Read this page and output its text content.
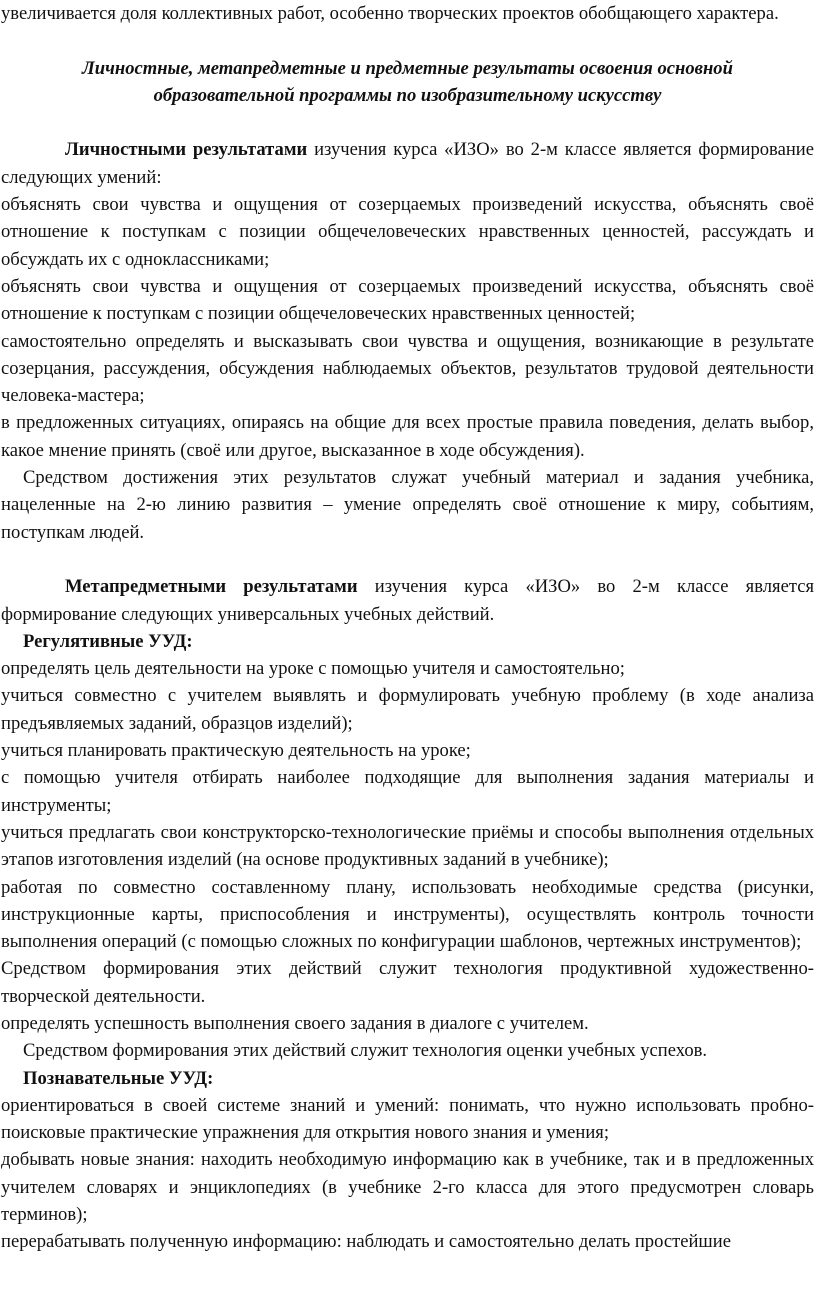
увеличивается доля коллективных работ, особенно творческих проектов обобщающего характера.

Личностные, метапредметные и предметные результаты освоения основной

образовательной программы по изобразительному искусству

Личностными результатами изучения курса «ИЗО» во 2-м классе является формирование следующих умений:

объяснять свои чувства и ощущения от созерцаемых произведений искусства, объяснять своё отношение к поступкам с позиции общечеловеческих нравственных ценностей, рассуждать и обсуждать их с одноклассниками;

объяснять свои чувства и ощущения от созерцаемых произведений искусства, объяснять своё отношение к поступкам с позиции общечеловеческих нравственных ценностей;

самостоятельно определять и высказывать свои чувства и ощущения, возникающие в результате созерцания, рассуждения, обсуждения наблюдаемых объектов, результатов трудовой деятельности человека-мастера;

в предложенных ситуациях, опираясь на общие для всех простые правила поведения, делать выбор, какое мнение принять (своё или другое, высказанное в ходе обсуждения).

Средством достижения этих результатов служат учебный материал и задания учебника, нацеленные на 2-ю линию развития – умение определять своё отношение к миру, событиям, поступкам людей.

Метапредметными результатами изучения курса «ИЗО» во 2-м классе является формирование следующих универсальных учебных действий.

Регулятивные УУД:

определять цель деятельности на уроке с помощью учителя и самостоятельно;

учиться совместно с учителем выявлять и формулировать учебную проблему (в ходе анализа предъявляемых заданий, образцов изделий);

учиться планировать практическую деятельность на уроке;

с помощью учителя отбирать наиболее подходящие для выполнения задания материалы и инструменты;

учиться предлагать свои конструкторско-технологические приёмы и способы выполнения отдельных этапов изготовления изделий (на основе продуктивных заданий в учебнике);

работая по совместно составленному плану, использовать необходимые средства (рисунки, инструкционные карты, приспособления и инструменты), осуществлять контроль точности выполнения операций (с помощью сложных по конфигурации шаблонов, чертежных инструментов);

Средством формирования этих действий служит технология продуктивной художественно-творческой деятельности.

определять успешность выполнения своего задания в диалоге с учителем.

Средством формирования этих действий служит технология оценки учебных успехов.

Познавательные УУД:

ориентироваться в своей системе знаний и умений: понимать, что нужно использовать пробно-поисковые практические упражнения для открытия нового знания и умения;

добывать новые знания: находить необходимую информацию как в учебнике, так и в предложенных учителем словарях и энциклопедиях (в учебнике 2-го класса для этого предусмотрен словарь терминов);

перерабатывать полученную информацию: наблюдать и самостоятельно делать простейшие
